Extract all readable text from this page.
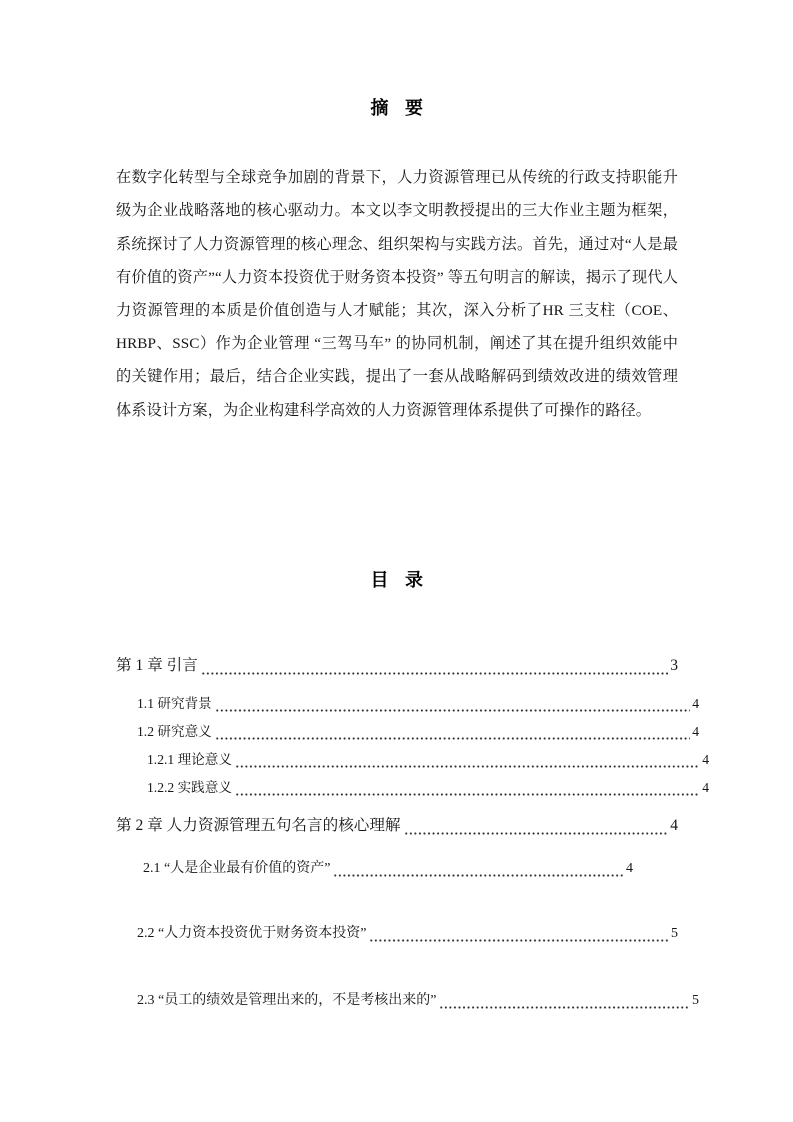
摘 要

在数字化转型与全球竞争加剧的背景下，人力资源管理已从传统的行政支持职能升级为企业战略落地的核心驱动力。本文以李文明教授提出的三大作业主题为框架，系统探讨了人力资源管理的核心理念、组织架构与实践方法。首先，通过对“人是最有价值的资产”“人力资本投资优于财务资本投资” 等五句明言的解读，揭示了现代人力资源管理的本质是价值创造与人才赋能；其次，深入分析了HR 三支柱（COE、HRBP、SSC）作为企业管理 “三驾马车” 的协同机制，阐述了其在提升组织效能中的关键作用；最后，结合企业实践，提出了一套从战略解码到绩效改进的绩效管理体系设计方案，为企业构建科学高效的人力资源管理体系提供了可操作的路径。

目 录
第 1 章 引言	3
1.1 研究背景	4
1.2 研究意义	4
1.2.1 理论意义	4
1.2.2 实践意义	4
第 2 章 人力资源管理五句名言的核心理解	4
2.1 “人是企业最有价值的资产”	4
2.2 “人力资本投资优于财务资本投资”	5
2.3 “员工的绩效是管理出来的，不是考核出来的”	5
